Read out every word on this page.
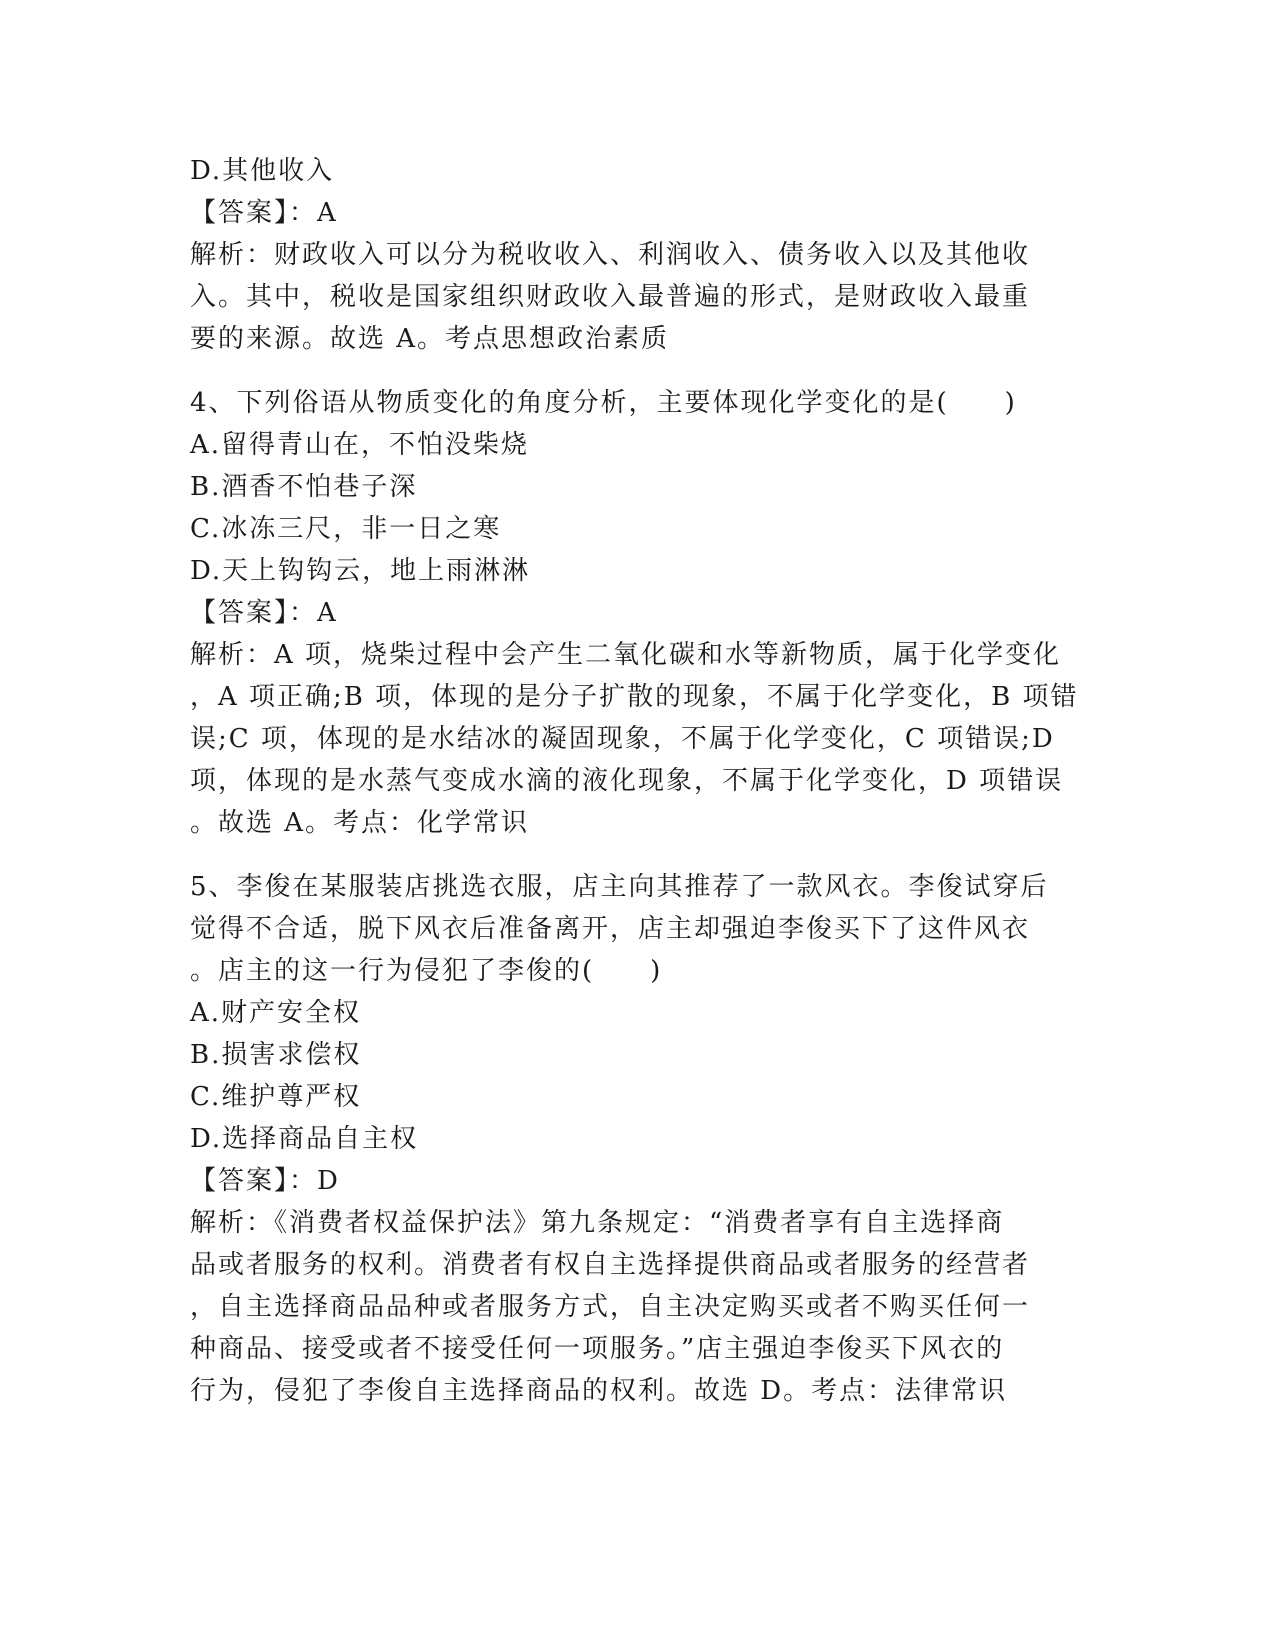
D.其他收入
【答案】：A
解析：财政收入可以分为税收收入、利润收入、债务收入以及其他收
入。其中，税收是国家组织财政收入最普遍的形式，是财政收入最重
要的来源。故选 A。考点思想政治素质
4、下列俗语从物质变化的角度分析，主要体现化学变化的是(　　)
A.留得青山在，不怕没柴烧
B.酒香不怕巷子深
C.冰冻三尺，非一日之寒
D.天上钩钩云，地上雨淋淋
【答案】：A
解析：A 项，烧柴过程中会产生二氧化碳和水等新物质，属于化学变化
，A 项正确;B 项，体现的是分子扩散的现象，不属于化学变化，B 项错
误;C 项，体现的是水结冰的凝固现象，不属于化学变化，C 项错误;D
项，体现的是水蒸气变成水滴的液化现象，不属于化学变化，D 项错误
。故选 A。考点：化学常识
5、李俊在某服装店挑选衣服，店主向其推荐了一款风衣。李俊试穿后
觉得不合适，脱下风衣后准备离开，店主却强迫李俊买下了这件风衣
。店主的这一行为侵犯了李俊的(　　)
A.财产安全权
B.损害求偿权
C.维护尊严权
D.选择商品自主权
【答案】：D
解析：《消费者权益保护法》第九条规定：“消费者享有自主选择商
品或者服务的权利。消费者有权自主选择提供商品或者服务的经营者
，自主选择商品品种或者服务方式，自主决定购买或者不购买任何一
种商品、接受或者不接受任何一项服务。”店主强迫李俊买下风衣的
行为，侵犯了李俊自主选择商品的权利。故选 D。考点：法律常识
